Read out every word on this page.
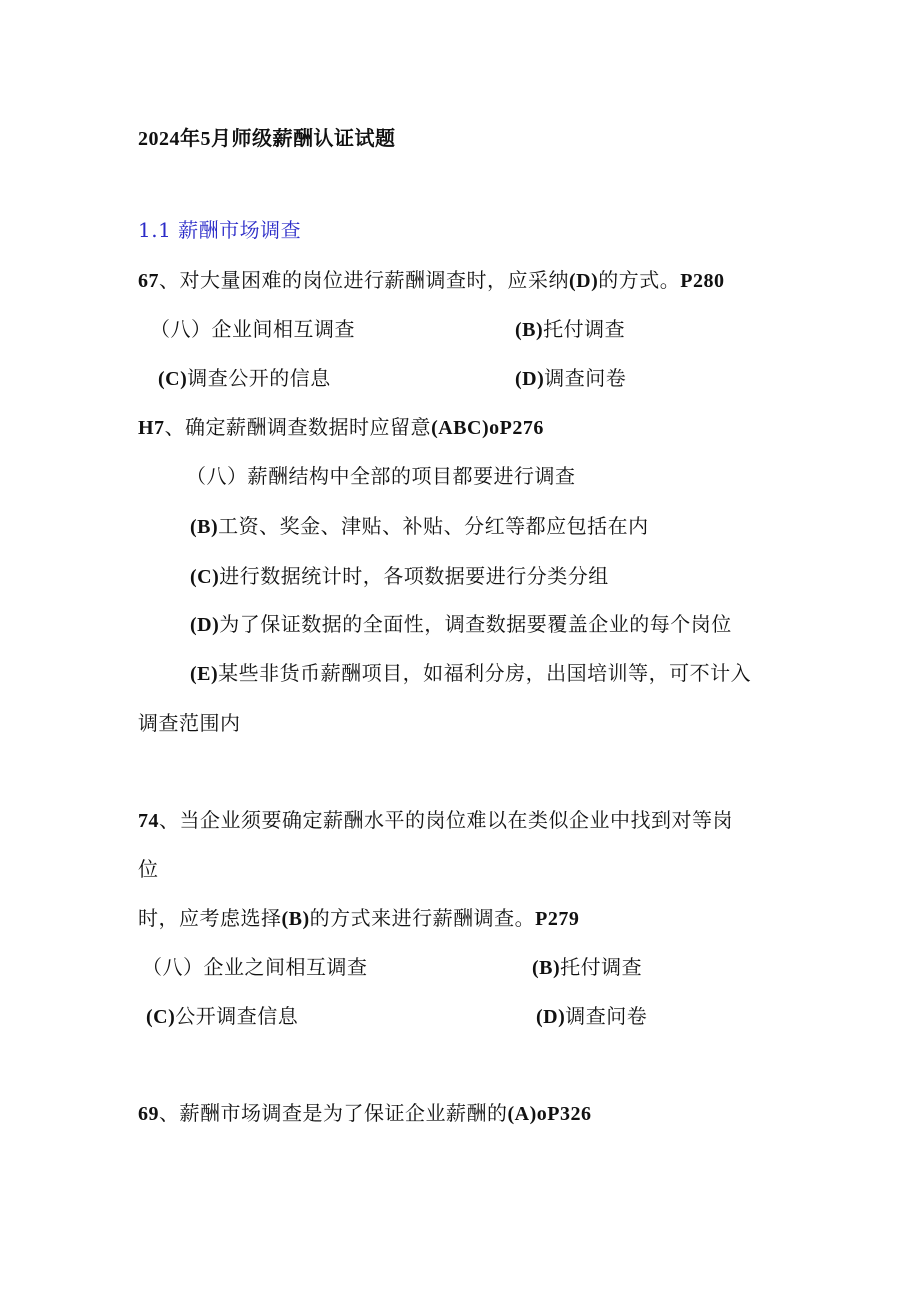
2024年5月师级薪酬认证试题
1.1 薪酬市场调查
67、对大量困难的岗位进行薪酬调查时，应采纳(D)的方式。P280
（八）企业间相互调查	(B)托付调查
(C)调查公开的信息	(D)调查问卷
H7、确定薪酬调查数据时应留意(ABC)oP276
（八）薪酬结构中全部的项目都要进行调查
(B)工资、奖金、津贴、补贴、分红等都应包括在内
(C)进行数据统计时，各项数据要进行分类分组
(D)为了保证数据的全面性，调查数据要覆盖企业的每个岗位
(E)某些非货币薪酬项目，如福利分房，出国培训等，可不计入
调查范围内
74、当企业须要确定薪酬水平的岗位难以在类似企业中找到对等岗
位
时，应考虑选择(B)的方式来进行薪酬调查。P279
（八）企业之间相互调查	(B)托付调查
(C)公开调查信息	(D)调查问卷
69、薪酬市场调查是为了保证企业薪酬的(A)oP326
